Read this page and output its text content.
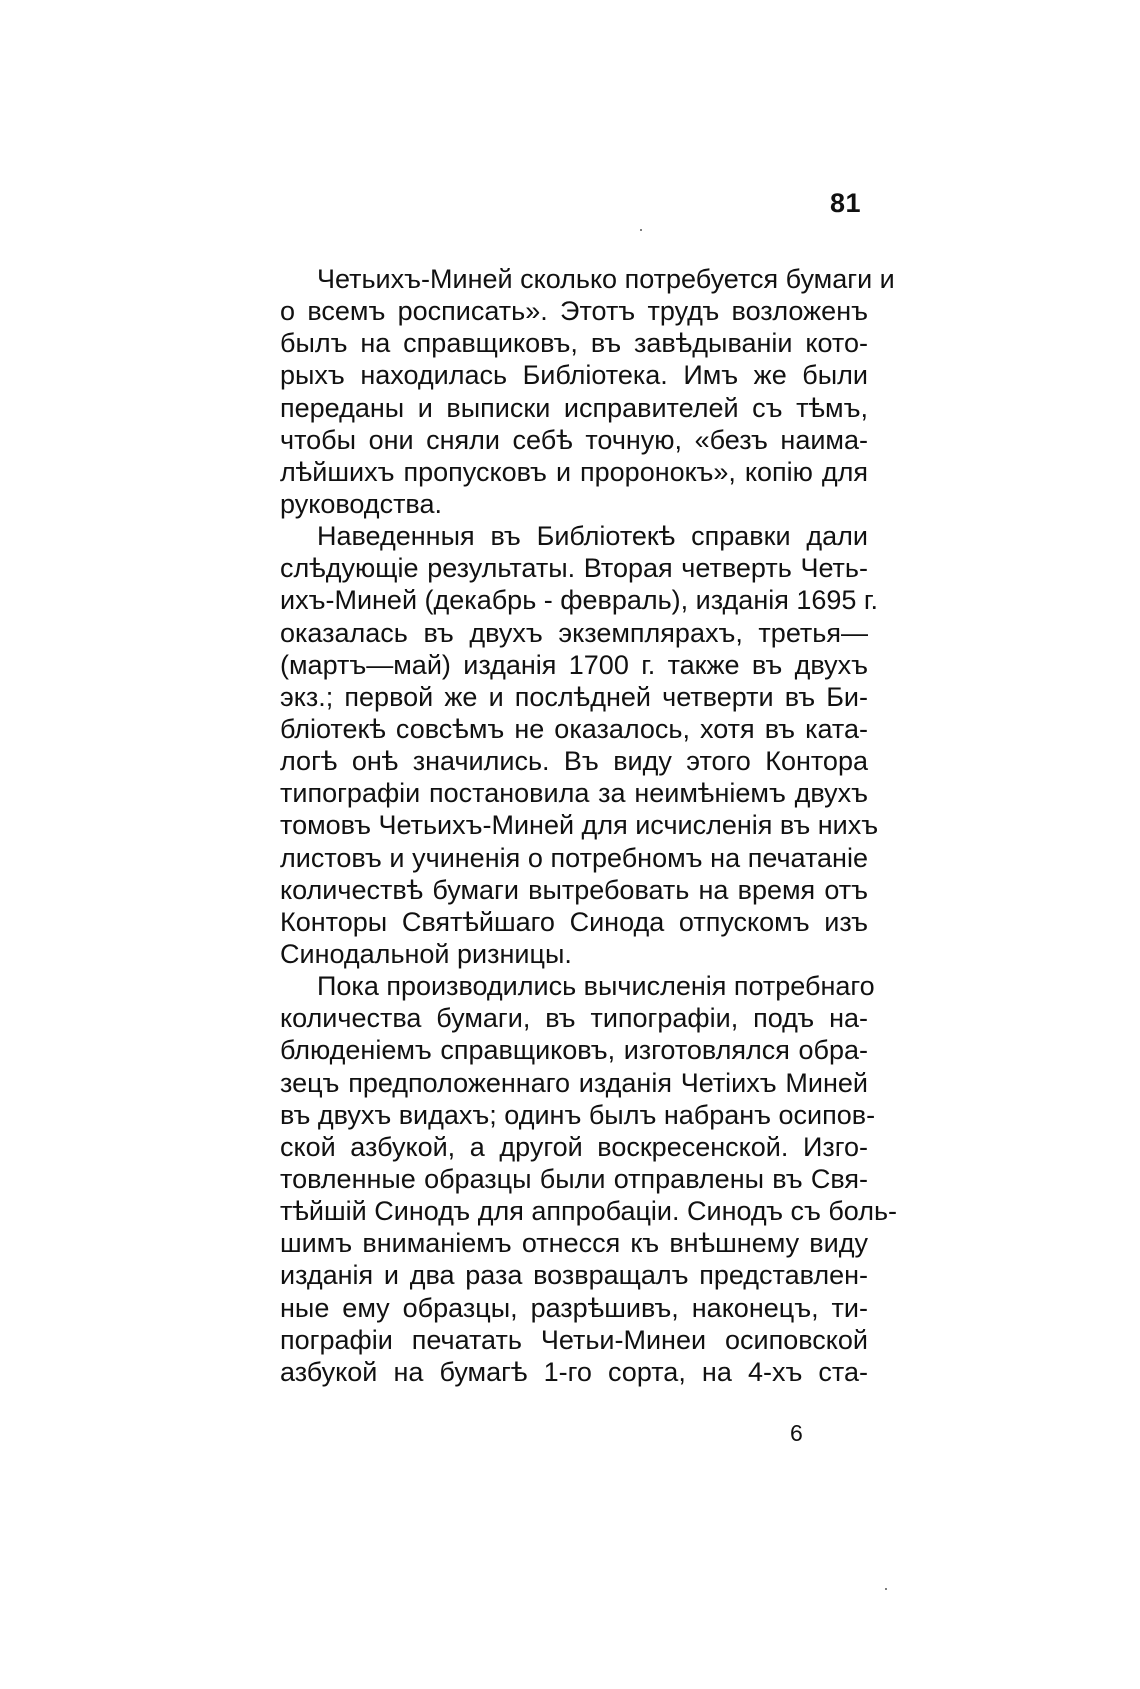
81
Четьихъ-Миней сколько потребуется бумаги и
о всемъ росписать». Этотъ трудъ возложенъ
былъ на справщиковъ, въ завѣдываніи кото-
рыхъ находилась Библіотека. Имъ же были
переданы и выписки исправителей съ тѣмъ,
чтобы они сняли себѣ точную, «безъ наима-
лѣйшихъ пропусковъ и проронокъ», копію для
руководства.
Наведенныя въ Библіотекѣ справки дали
слѣдующіе результаты. Вторая четверть Четь-
ихъ-Миней (декабрь - февраль), изданія 1695 г.
оказалась въ двухъ экземплярахъ, третья—
(мартъ—май) изданія 1700 г. также въ двухъ
экз.; первой же и послѣдней четверти въ Би-
бліотекѣ совсѣмъ не оказалось, хотя въ ката-
логѣ онѣ значились. Въ виду этого Контора
типографіи постановила за неимѣніемъ двухъ
томовъ Четьихъ-Миней для исчисленія въ нихъ
листовъ и учиненія о потребномъ на печатаніе
количествѣ бумаги вытребовать на время отъ
Конторы Святѣйшаго Синода отпускомъ изъ
Синодальной ризницы.
Пока производились вычисленія потребнаго
количества бумаги, въ типографіи, подъ на-
блюденіемъ справщиковъ, изготовлялся обра-
зецъ предположеннаго изданія Четіихъ Миней
въ двухъ видахъ; одинъ былъ набранъ осипов-
ской азбукой, а другой воскресенской. Изго-
товленные образцы были отправлены въ Свя-
тѣйшій Синодъ для аппробаціи. Синодъ съ боль-
шимъ вниманіемъ отнесся къ внѣшнему виду
изданія и два раза возвращалъ представлен-
ные ему образцы, разрѣшивъ, наконецъ, ти-
пографіи печатать Четьи-Минеи осиповской
азбукой на бумагѣ 1-го сорта, на 4-хъ ста-
6
